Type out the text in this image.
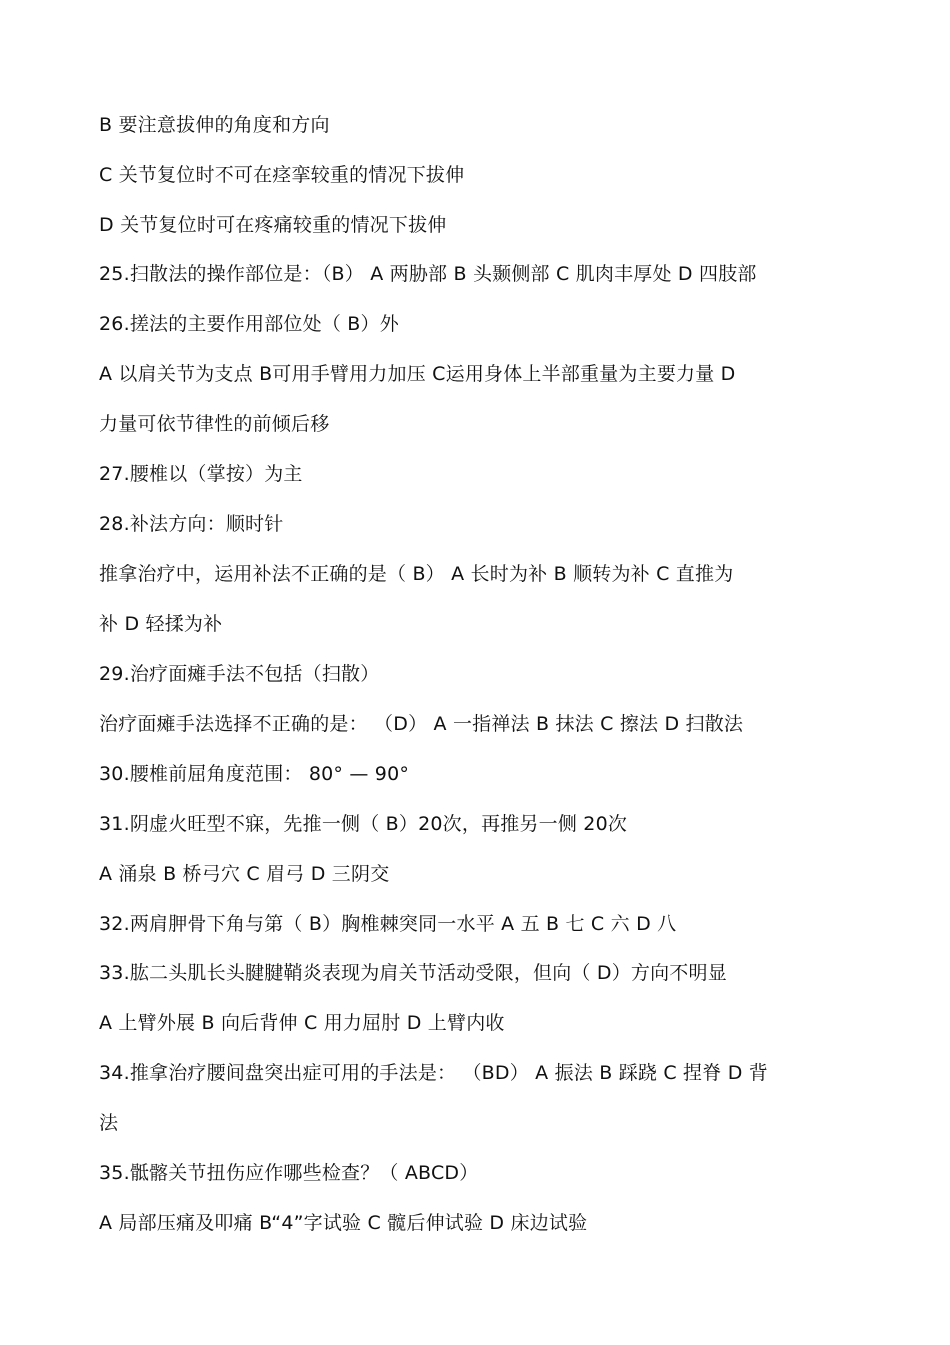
B 要注意拔伸的角度和方向
C 关节复位时不可在痉挛较重的情况下拔伸
D 关节复位时可在疼痛较重的情况下拔伸
25.扫散法的操作部位是：（B） A 两胁部 B 头颞侧部 C 肌肉丰厚处 D 四肢部
26.搓法的主要作用部位处（ B）外
A 以肩关节为支点 B可用手臂用力加压 C运用身体上半部重量为主要力量 D
力量可依节律性的前倾后移
27.腰椎以（掌按）为主
28.补法方向：顺时针
推拿治疗中，运用补法不正确的是（ B） A 长时为补 B 顺转为补 C 直推为
补 D 轻揉为补
29.治疗面瘫手法不包括（扫散）
治疗面瘫手法选择不正确的是： （D） A 一指禅法 B 抹法 C 擦法 D 扫散法
30.腰椎前屈角度范围： 80° — 90°
31.阴虚火旺型不寐，先推一侧（ B）20次，再推另一侧 20次
A 涌泉 B 桥弓穴 C 眉弓 D 三阴交
32.两肩胛骨下角与第（ B）胸椎棘突同一水平 A 五 B 七 C 六 D 八
33.肱二头肌长头腱腱鞘炎表现为肩关节活动受限，但向（ D）方向不明显
A 上臂外展 B 向后背伸 C 用力屈肘 D 上臂内收
34.推拿治疗腰间盘突出症可用的手法是： （BD） A 振法 B 踩跷 C 捏脊 D 背
法
35.骶髂关节扭伤应作哪些检查？（ ABCD）
A 局部压痛及叩痛 B“4”字试验 C 髋后伸试验 D 床边试验
